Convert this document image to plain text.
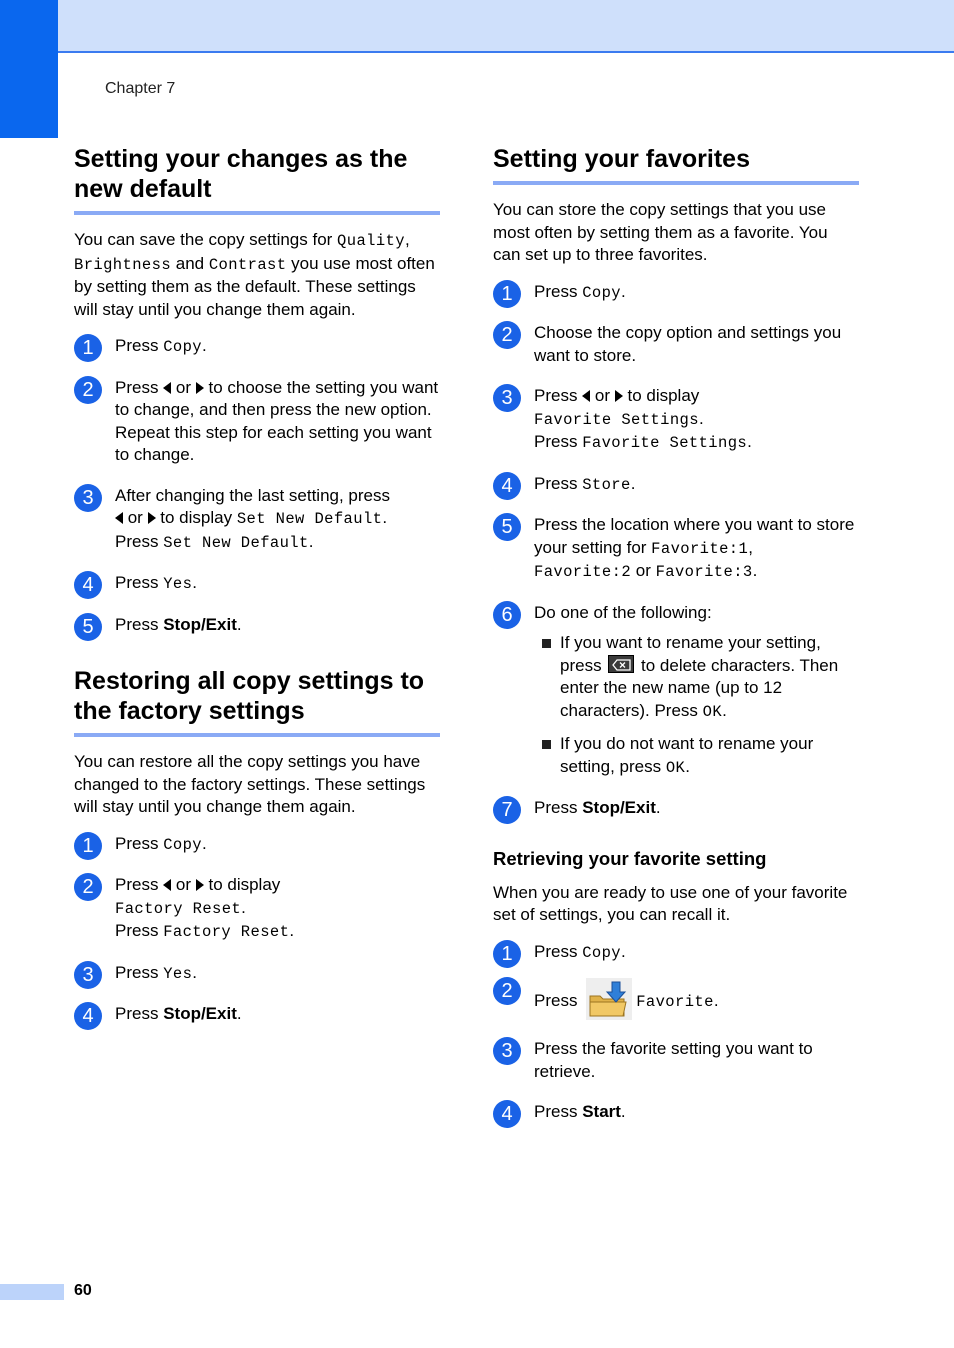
Chapter 7
Setting your changes as the new default

You can save the copy settings for Quality, Brightness and Contrast you use most often by setting them as the default. These settings will stay until you change them again.

1	Press Copy.
2	Press  or  to choose the setting you want to change, and then press the new option.
Repeat this step for each setting you want to change.
3	After changing the last setting, press
or  to display Set New Default.
Press Set New Default.
4	Press Yes.
5	Press Stop/Exit.
Restoring all copy settings to the factory settings

You can restore all the copy settings you have changed to the factory settings. These settings will stay until you change them again.

1	Press Copy.
2	Press  or  to display
Factory Reset.
Press Factory Reset.
3	Press Yes.
4	Press Stop/Exit.
Setting your favorites

You can store the copy settings that you use most often by setting them as a favorite. You can set up to three favorites.

1	Press Copy.
2	Choose the copy option and settings you want to store.
3	Press  or  to display
Favorite Settings.
Press Favorite Settings.
4	Press Store.
5	Press the location where you want to store your setting for Favorite:1,
Favorite:2 or Favorite:3.
6	Do one of the following:
If you want to rename your setting, press  to delete characters. Then enter the new name (up to 12 characters). Press OK.
If you do not want to rename your setting, press OK.
7	Press Stop/Exit.
Retrieving your favorite setting

When you are ready to use one of your favorite set of settings, you can recall it.

1	Press Copy.
2	Press	Favorite.
3	Press the favorite setting you want to retrieve.
4	Press Start.
60
